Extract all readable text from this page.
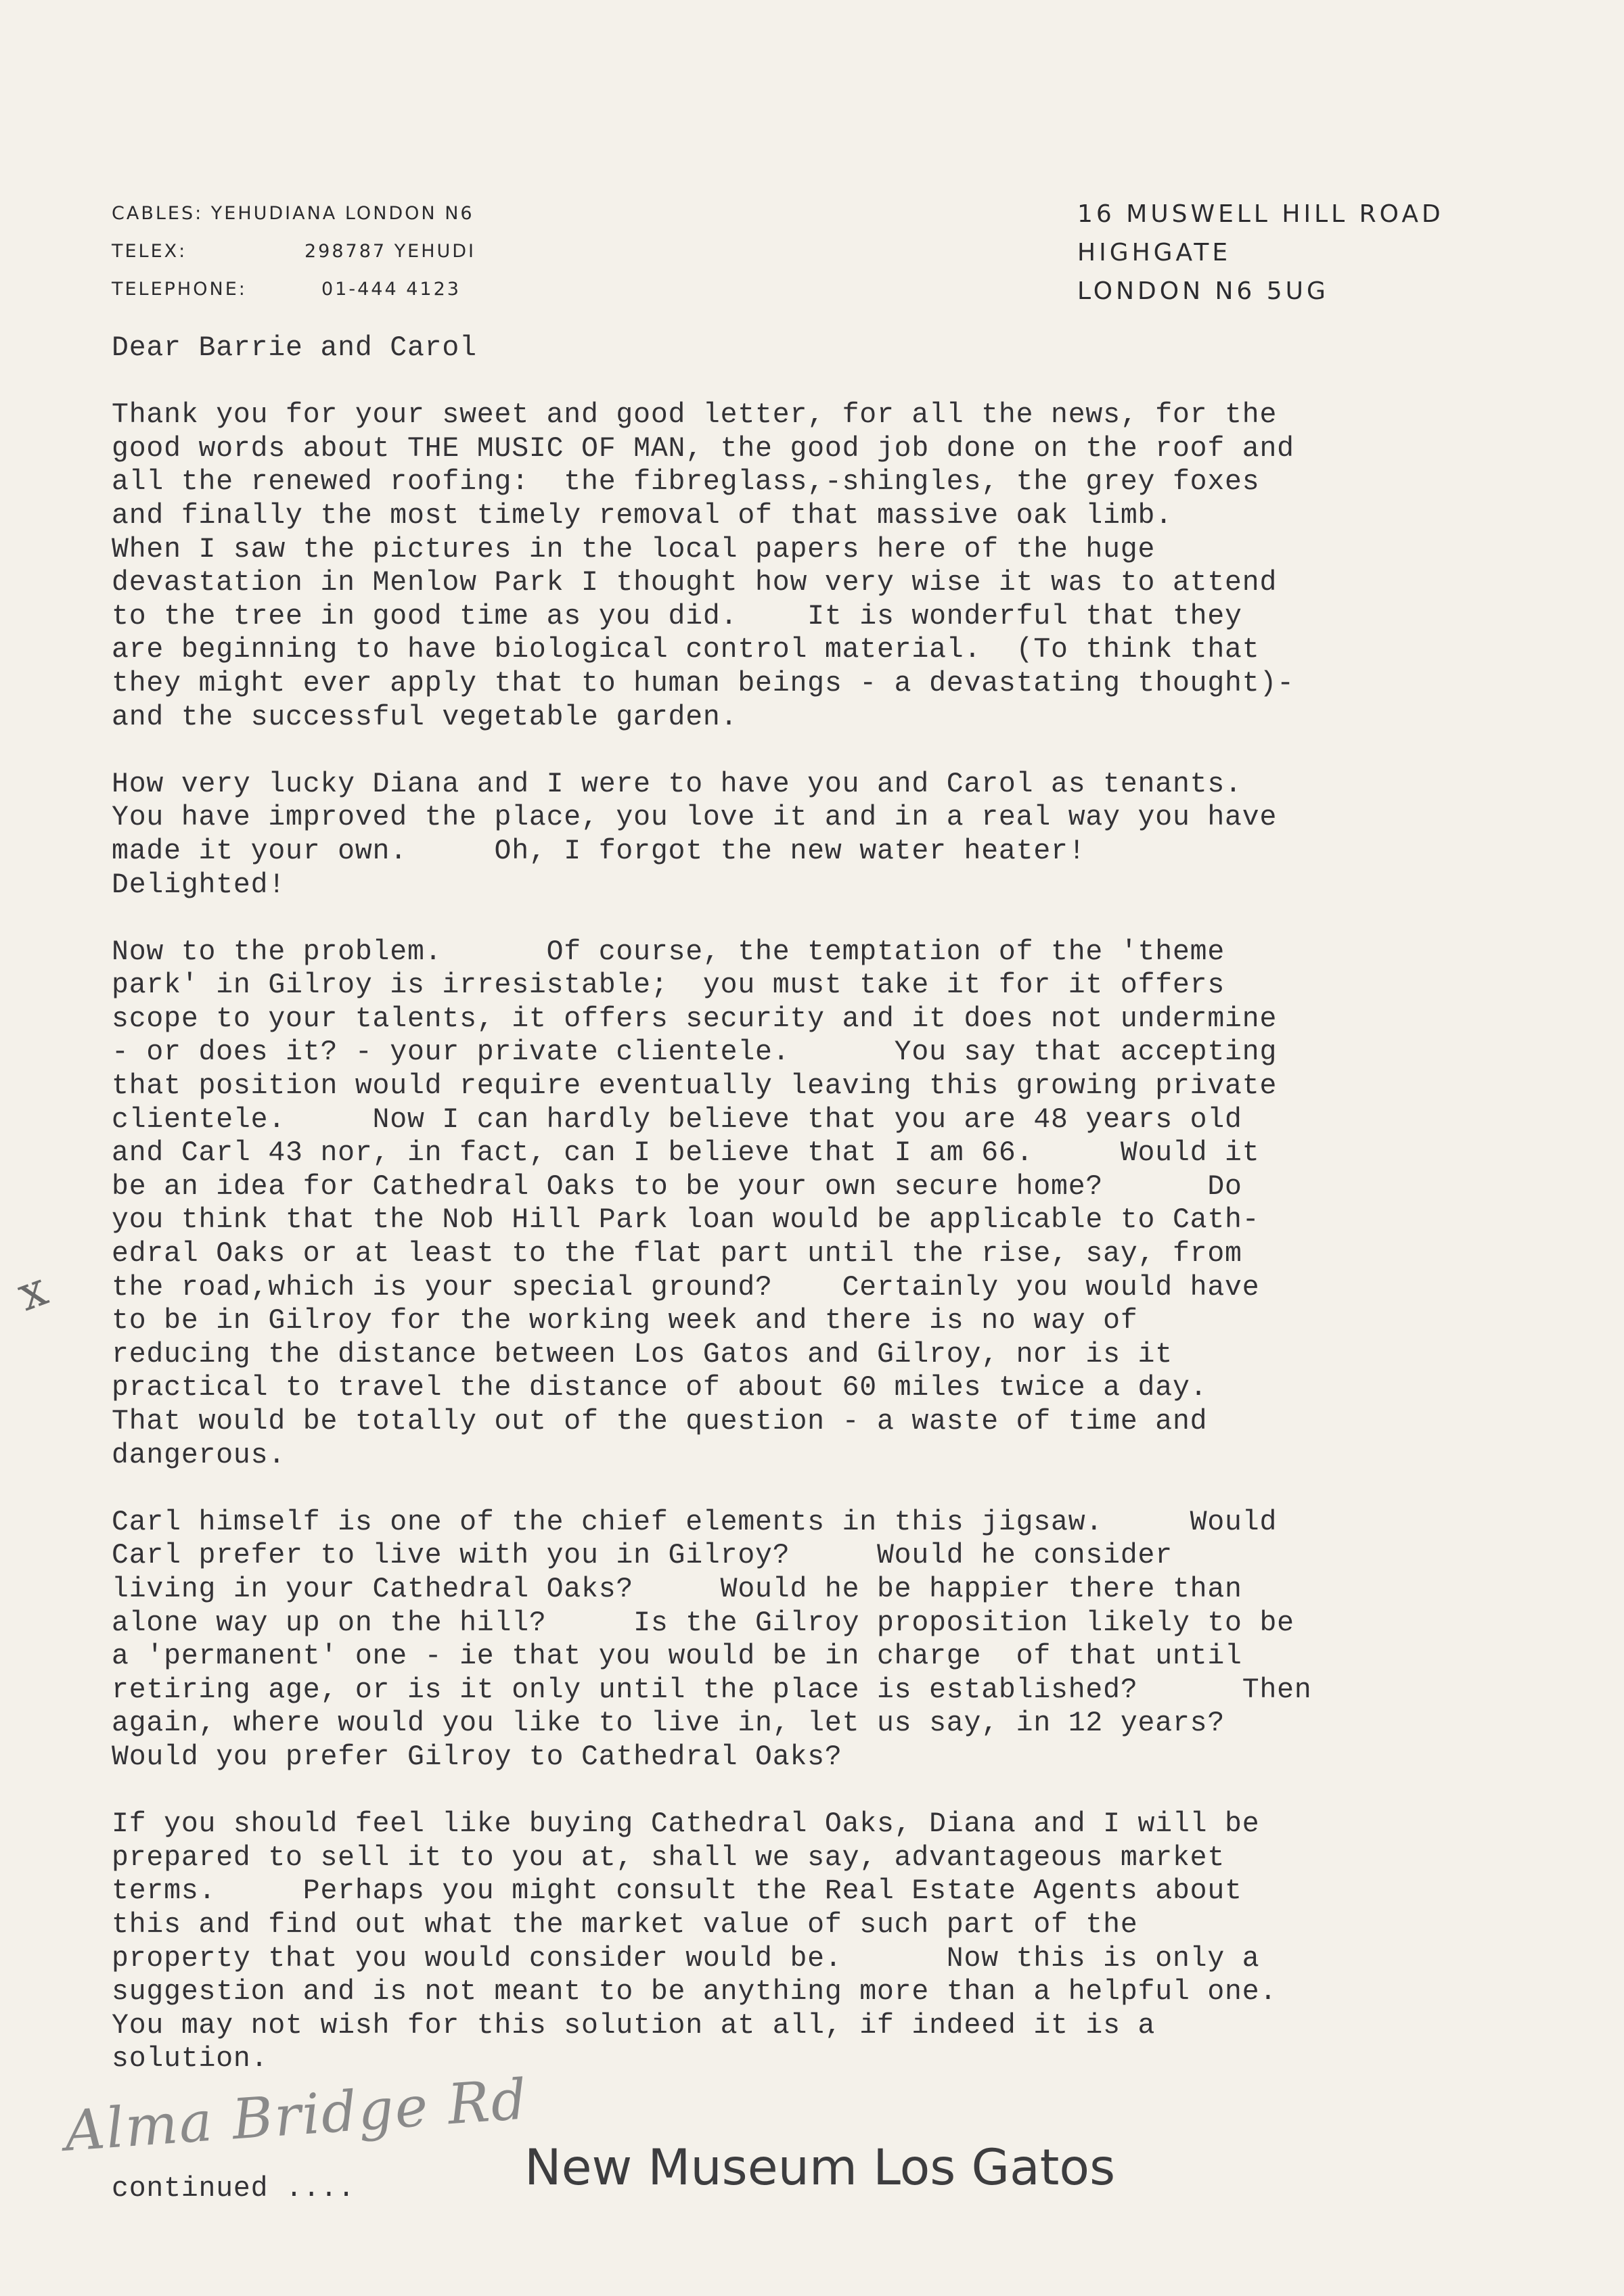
CABLES: YEHUDIANA LONDON N6
TELEX:	298787 YEHUDI
TELEPHONE:	01-444 4123
16 MUSWELL HILL ROAD
HIGHGATE
LONDON N6 5UG
Dear Barrie and Carol
Thank you for your sweet and good letter, for all the news, for the
good words about THE MUSIC OF MAN, the good job done on the roof and
all the renewed roofing:  the fibreglass,-shingles, the grey foxes
and finally the most timely removal of that massive oak limb.
When I saw the pictures in the local papers here of the huge
devastation in Menlow Park I thought how very wise it was to attend
to the tree in good time as you did.    It is wonderful that they
are beginning to have biological control material.  (To think that
they might ever apply that to human beings - a devastating thought)-
and the successful vegetable garden.
How very lucky Diana and I were to have you and Carol as tenants.
You have improved the place, you love it and in a real way you have
made it your own.     Oh, I forgot the new water heater!
Delighted!
Now to the problem.      Of course, the temptation of the 'theme
park' in Gilroy is irresistable;  you must take it for it offers
scope to your talents, it offers security and it does not undermine
- or does it? - your private clientele.      You say that accepting
that position would require eventually leaving this growing private
clientele.     Now I can hardly believe that you are 48 years old
and Carl 43 nor, in fact, can I believe that I am 66.     Would it
be an idea for Cathedral Oaks to be your own secure home?      Do
you think that the Nob Hill Park loan would be applicable to Cath-
edral Oaks or at least to the flat part until the rise, say, from
the road,which is your special ground?    Certainly you would have
to be in Gilroy for the working week and there is no way of
reducing the distance between Los Gatos and Gilroy, nor is it
practical to travel the distance of about 60 miles twice a day.
That would be totally out of the question - a waste of time and
dangerous.
Carl himself is one of the chief elements in this jigsaw.     Would
Carl prefer to live with you in Gilroy?     Would he consider
living in your Cathedral Oaks?     Would he be happier there than
alone way up on the hill?     Is the Gilroy proposition likely to be
a 'permanent' one - ie that you would be in charge  of that until
retiring age, or is it only until the place is established?      Then
again, where would you like to live in, let us say, in 12 years?
Would you prefer Gilroy to Cathedral Oaks?
If you should feel like buying Cathedral Oaks, Diana and I will be
prepared to sell it to you at, shall we say, advantageous market
terms.     Perhaps you might consult the Real Estate Agents about
this and find out what the market value of such part of the
property that you would consider would be.      Now this is only a
suggestion and is not meant to be anything more than a helpful one.
You may not wish for this solution at all, if indeed it is a
solution.
x
Alma Bridge Rd
continued ....	New Museum Los Gatos
